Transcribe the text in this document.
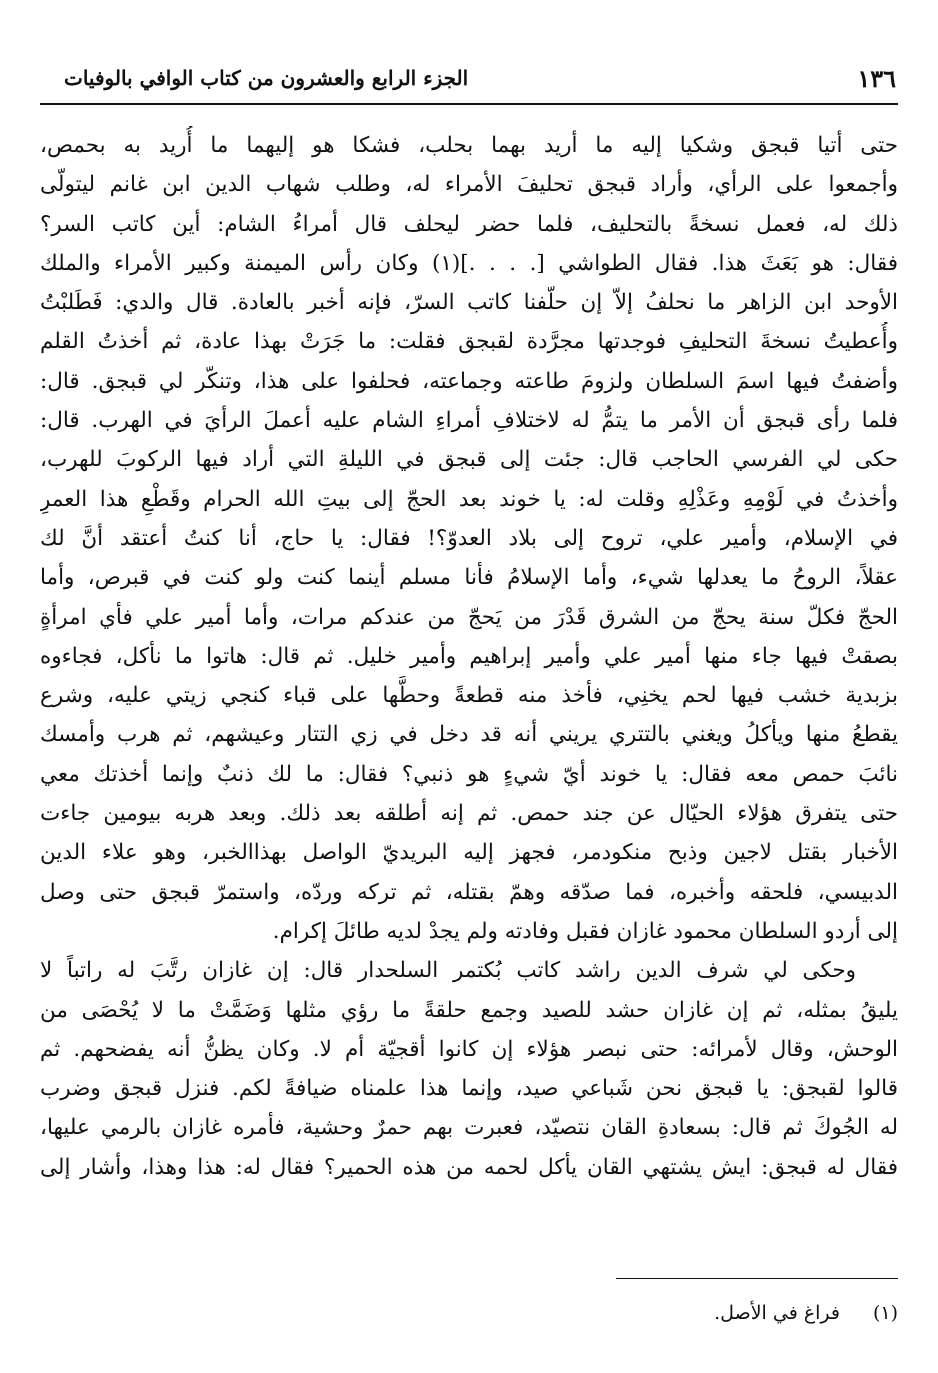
١٣٦
الجزء الرابع والعشرون من كتاب الوافي بالوفيات
حتى أتيا قبجق وشكيا إليه ما أريد بهما بحلب، فشكا هو إليهما ما أُريد به بحمص،
وأجمعوا على الرأي، وأراد قبجق تحليفَ الأمراء له، وطلب شهاب الدين ابن غانم ليتولّى
ذلك له، فعمل نسخةً بالتحليف، فلما حضر ليحلف قال أمراءُ الشام: أين كاتب السر؟
فقال: هو بَعَثَ هذا. فقال الطواشي [. . . .](١) وكان رأس الميمنة وكبير الأمراء والملك
الأوحد ابن الزاهر ما نحلفُ إلاّ إن حلّفنا كاتب السرّ، فإنه أخبر بالعادة. قال والدي: فَطَلبْتُ
وأُعطيتُ نسخةَ التحليفِ فوجدتها مجرَّدة لقبجق فقلت: ما جَرَتْ بهذا عادة، ثم أخذتُ القلم
وأضفتُ فيها اسمَ السلطان ولزومَ طاعته وجماعته، فحلفوا على هذا، وتنكّر لي قبجق. قال:
فلما رأى قبجق أن الأمر ما يتمُّ له لاختلافِ أمراءِ الشام عليه أعملَ الرأيَ في الهرب. قال:
حكى لي الفرسي الحاجب قال: جئت إلى قبجق في الليلةِ التي أراد فيها الركوبَ للهرب،
وأخذتُ في لَوْمِهِ وعَذْلِهِ وقلت له: يا خوند بعد الحجّ إلى بيتِ الله الحرام وقَطْعِ هذا العمرِ
في الإسلام، وأمير علي، تروح إلى بلاد العدوّ؟! فقال: يا حاج، أنا كنتُ أعتقد أنَّ لك
عقلاً، الروحُ ما يعدلها شيء، وأما الإسلامُ فأنا مسلم أينما كنت ولو كنت في قبرص، وأما
الحجّ فكلّ سنة يحجّ من الشرق قَدْرَ من يَحجّ من عندكم مرات، وأما أمير علي فأي امرأةٍ
بصقتْ فيها جاء منها أمير علي وأمير إبراهيم وأمير خليل. ثم قال: هاتوا ما نأكل، فجاءوه
بزبدية خشب فيها لحم يخنِي، فأخذ منه قطعةً وحطَّها على قباء كنجي زيتي عليه، وشرع
يقطعُ منها ويأكلُ ويغني بالتتري يريني أنه قد دخل في زي التتار وعيشهم، ثم هرب وأمسك
نائبَ حمص معه فقال: يا خوند أيّ شيءٍ هو ذنبي؟ فقال: ما لك ذنبٌ وإنما أخذتك معي
حتى يتفرق هؤلاء الحيّال عن جند حمص. ثم إنه أطلقه بعد ذلك. وبعد هربه بيومين جاءت
الأخبار بقتل لاجين وذبح منكودمر، فجهز إليه البريديّ الواصل بهذاالخبر، وهو علاء الدين
الدبيسي، فلحقه وأخبره، فما صدّقه وهمّ بقتله، ثم تركه وردّه، واستمرّ قبجق حتى وصل
إلى أردو السلطان محمود غازان فقبل وفادته ولم يجدْ لديه طائلَ إكرام.
وحكى لي شرف الدين راشد كاتب بُكتمر السلحدار قال: إن غازان رتَّبَ له راتباً لا
يليقُ بمثله، ثم إن غازان حشد للصيد وجمع حلقةً ما رؤي مثلها وَضَمَّتْ ما لا يُحْصَى من
الوحش، وقال لأمرائه: حتى نبصر هؤلاء إن كانوا أقجيّة أم لا. وكان يظنُّ أنه يفضحهم. ثم
قالوا لقبجق: يا قبجق نحن شَباعي صيد، وإنما هذا علمناه ضيافةً لكم. فنزل قبجق وضرب
له الجُوكَ ثم قال: بسعادةِ القان نتصيّد، فعبرت بهم حمرٌ وحشية، فأمره غازان بالرمي عليها،
فقال له قبجق: ايش يشتهي القان يأكل لحمه من هذه الحمير؟ فقال له: هذا وهذا، وأشار إلى
(١)فراغ في الأصل.
